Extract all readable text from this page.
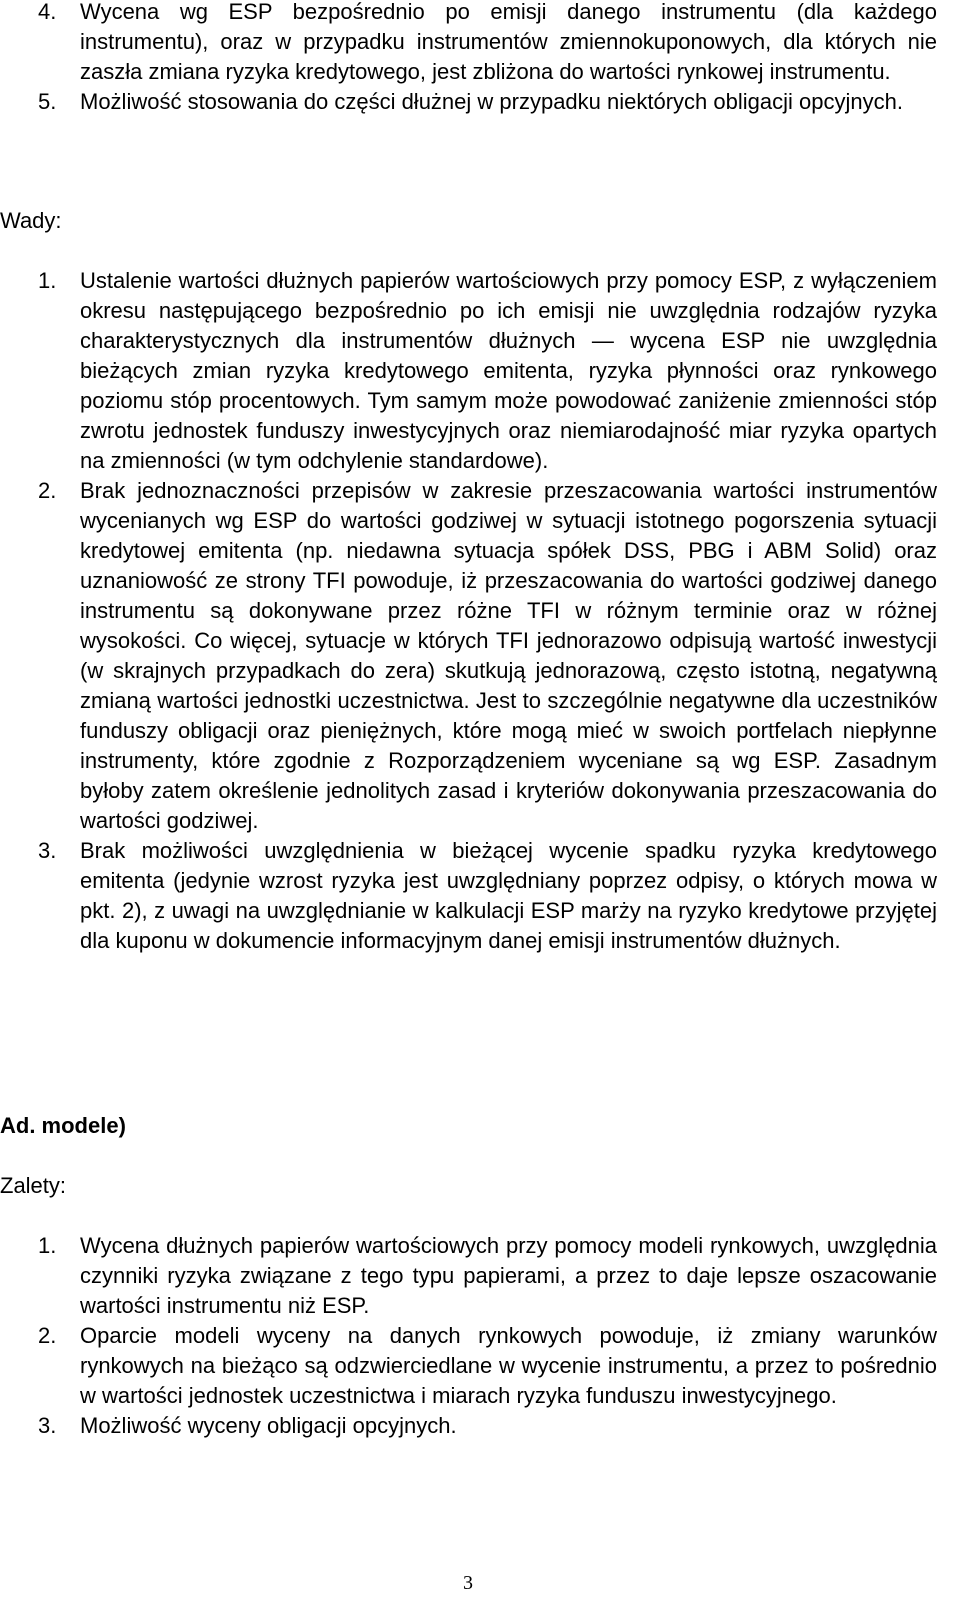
4.	Wycena wg ESP bezpośrednio po emisji danego instrumentu (dla każdego instrumentu), oraz w przypadku instrumentów zmiennokuponowych, dla których nie zaszła zmiana ryzyka kredytowego, jest zbliżona do wartości rynkowej instrumentu.
5.	Możliwość stosowania do części dłużnej w przypadku niektórych obligacji opcyjnych.

Wady:

1.	Ustalenie wartości dłużnych papierów wartościowych przy pomocy ESP, z wyłączeniem okresu następującego bezpośrednio po ich emisji nie uwzględnia rodzajów ryzyka charakterystycznych dla instrumentów dłużnych — wycena ESP nie uwzględnia bieżących zmian ryzyka kredytowego emitenta, ryzyka płynności oraz rynkowego poziomu stóp procentowych. Tym samym może powodować zaniżenie zmienności stóp zwrotu jednostek funduszy inwestycyjnych oraz niemiarodajność miar ryzyka opartych na zmienności (w tym odchylenie standardowe).
2.	Brak jednoznaczności przepisów w zakresie przeszacowania wartości instrumentów wycenianych wg ESP do wartości godziwej w sytuacji istotnego pogorszenia sytuacji kredytowej emitenta (np. niedawna sytuacja spółek DSS, PBG i ABM Solid) oraz uznaniowość ze strony TFI powoduje, iż przeszacowania do wartości godziwej danego instrumentu są dokonywane przez różne TFI w różnym terminie oraz w różnej wysokości. Co więcej, sytuacje w których TFI jednorazowo odpisują wartość inwestycji (w skrajnych przypadkach do zera) skutkują jednorazową, często istotną, negatywną zmianą wartości jednostki uczestnictwa. Jest to szczególnie negatywne dla uczestników funduszy obligacji oraz pieniężnych, które mogą mieć w swoich portfelach niepłynne instrumenty, które zgodnie z Rozporządzeniem wyceniane są wg ESP. Zasadnym byłoby zatem określenie jednolitych zasad i kryteriów dokonywania przeszacowania do wartości godziwej.
3.	Brak możliwości uwzględnienia w bieżącej wycenie spadku ryzyka kredytowego emitenta (jedynie wzrost ryzyka jest uwzględniany poprzez odpisy, o których mowa w pkt. 2), z uwagi na uwzględnianie w kalkulacji ESP marży na ryzyko kredytowe przyjętej dla kuponu w dokumencie informacyjnym danej emisji instrumentów dłużnych.

Ad. modele)

Zalety:

1.	Wycena dłużnych papierów wartościowych przy pomocy modeli rynkowych, uwzględnia czynniki ryzyka związane z tego typu papierami, a przez to daje lepsze oszacowanie wartości instrumentu niż ESP.
2.	Oparcie modeli wyceny na danych rynkowych powoduje, iż zmiany warunków rynkowych na bieżąco są odzwierciedlane w wycenie instrumentu, a przez to pośrednio w wartości jednostek uczestnictwa i miarach ryzyka funduszu inwestycyjnego.
3.	Możliwość wyceny obligacji opcyjnych.
3
